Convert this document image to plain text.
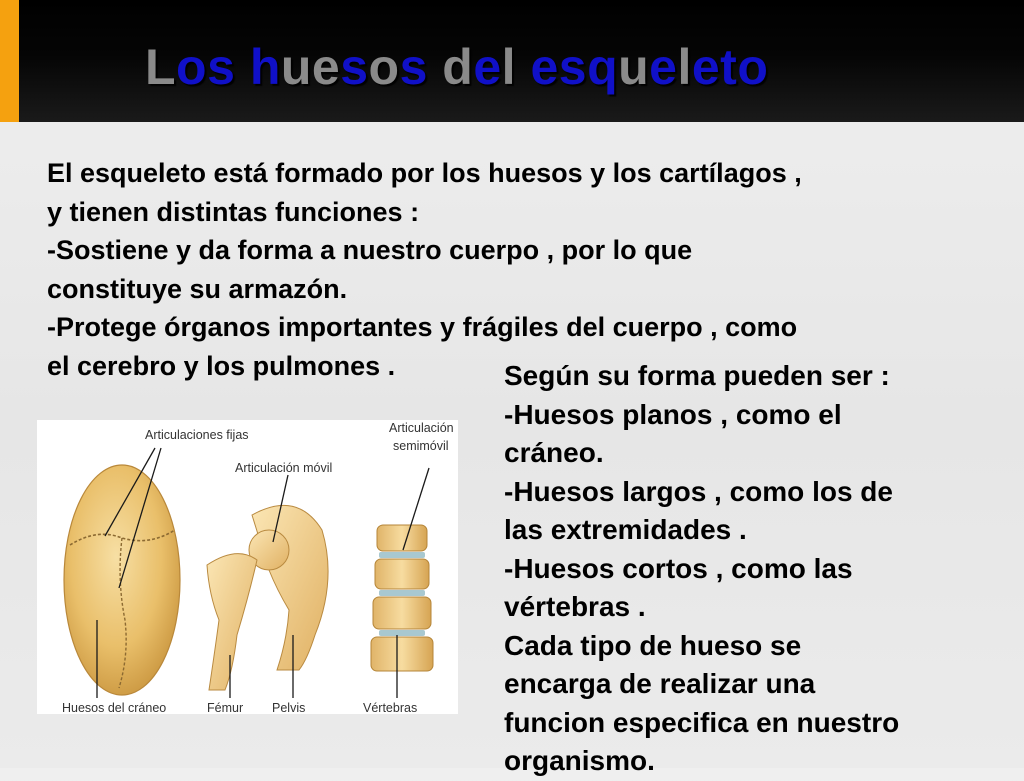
Los huesos del esqueleto
El esqueleto está formado por los huesos y los cartílagos ,
y tienen distintas funciones :
-Sostiene y da forma a nuestro cuerpo , por lo que
constituye su armazón.
-Protege órganos importantes y frágiles del cuerpo , como
el cerebro y los pulmones .	Según su forma pueden ser :
-Huesos planos , como el
cráneo.
-Huesos largos , como los de
las extremidades .
-Huesos cortos , como las
vértebras .
Cada tipo de hueso se
encarga de realizar una
funcion especifica en nuestro
organismo.
Articulaciones fijas
Articulación móvil
Articulación
semimóvil
Huesos del cráneo	Fémur Pelvis	Vértebras
